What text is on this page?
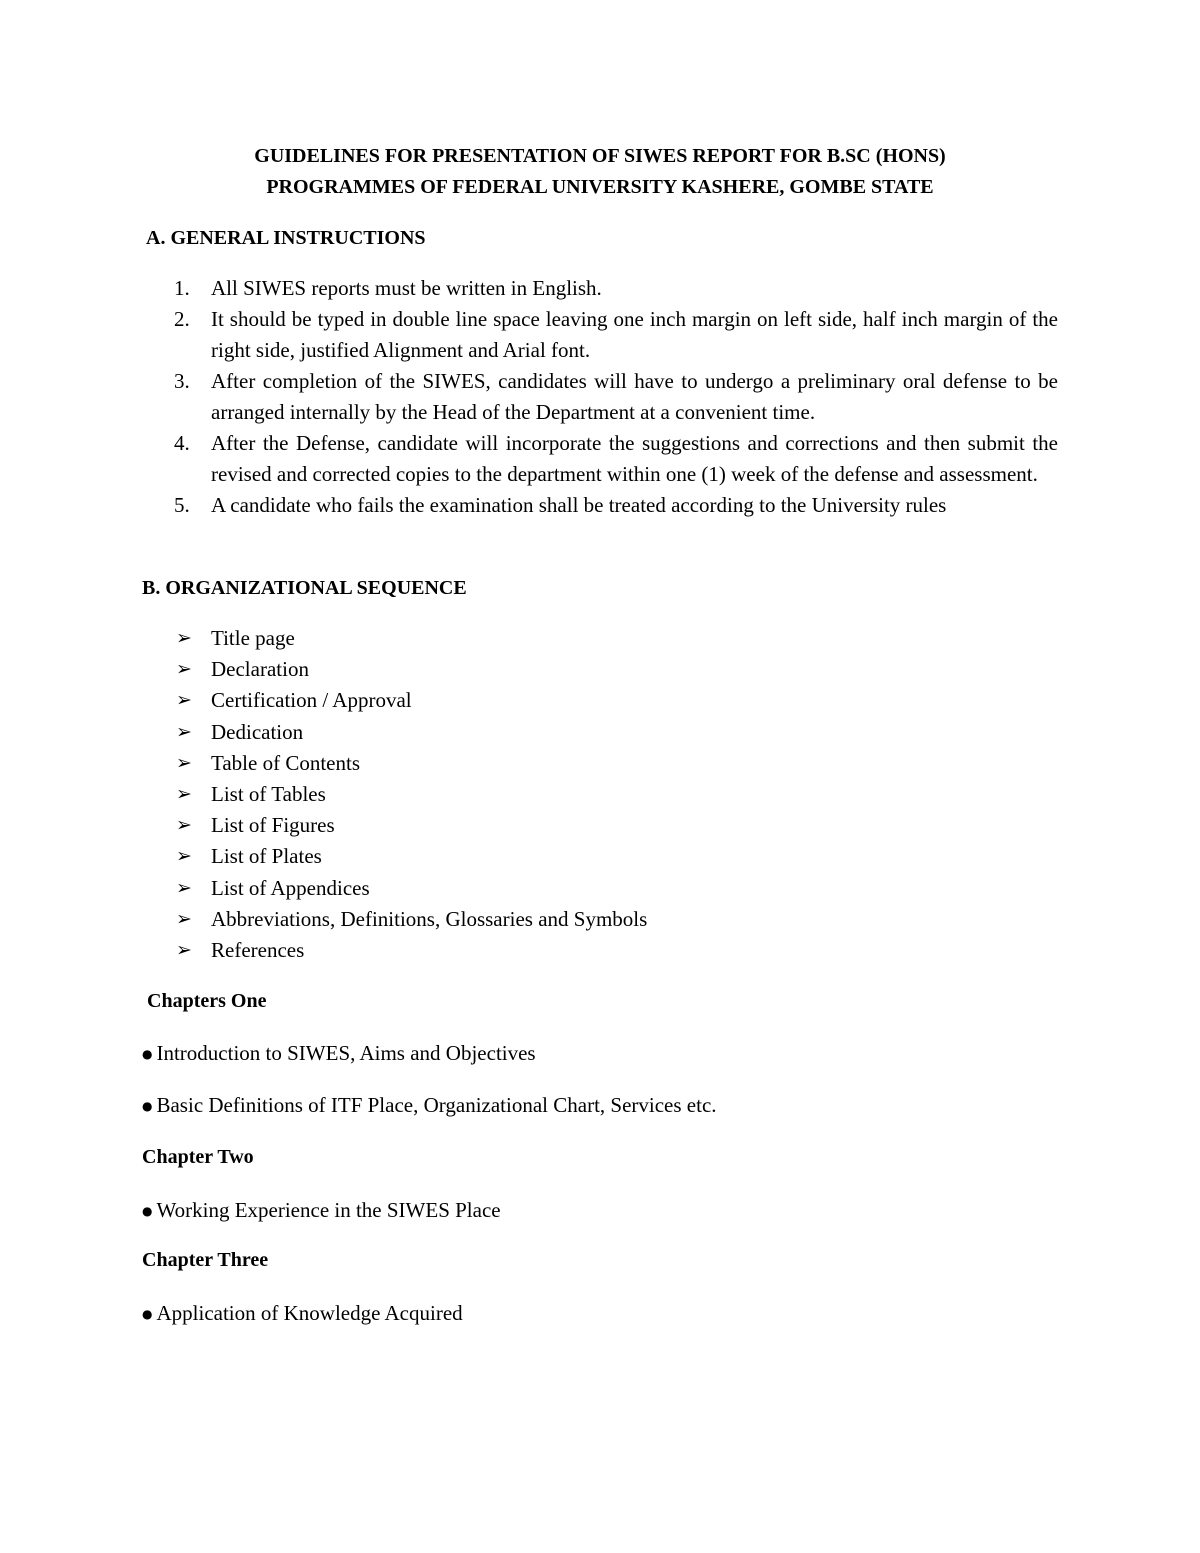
GUIDELINES FOR PRESENTATION OF SIWES REPORT FOR B.SC (HONS)

PROGRAMMES OF FEDERAL UNIVERSITY KASHERE, GOMBE STATE

A. GENERAL INSTRUCTIONS
1.	All SIWES reports must be written in English.
2.	It should be typed in double line space leaving one inch margin on left side, half inch margin of the right side, justified Alignment and Arial font.
3.	After completion of the SIWES, candidates will have to undergo a preliminary oral defense to be arranged internally by the Head of the Department at a convenient time.
4.	After the Defense, candidate will incorporate the suggestions and corrections and then submit the revised and corrected copies to the department within one (1) week of the defense and assessment.
5.	A candidate who fails the examination shall be treated according to the University rules
B. ORGANIZATIONAL SEQUENCE
➢ Title page
➢ Declaration
➢ Certification / Approval
➢ Dedication
➢ Table of Contents
➢ List of Tables
➢ List of Figures
➢ List of Plates
➢ List of Appendices
➢ Abbreviations, Definitions, Glossaries and Symbols
➢ References
Chapters One

● Introduction to SIWES, Aims and Objectives

● Basic Definitions of ITF Place, Organizational Chart, Services etc.

Chapter Two

● Working Experience in the SIWES Place

Chapter Three

● Application of Knowledge Acquired
